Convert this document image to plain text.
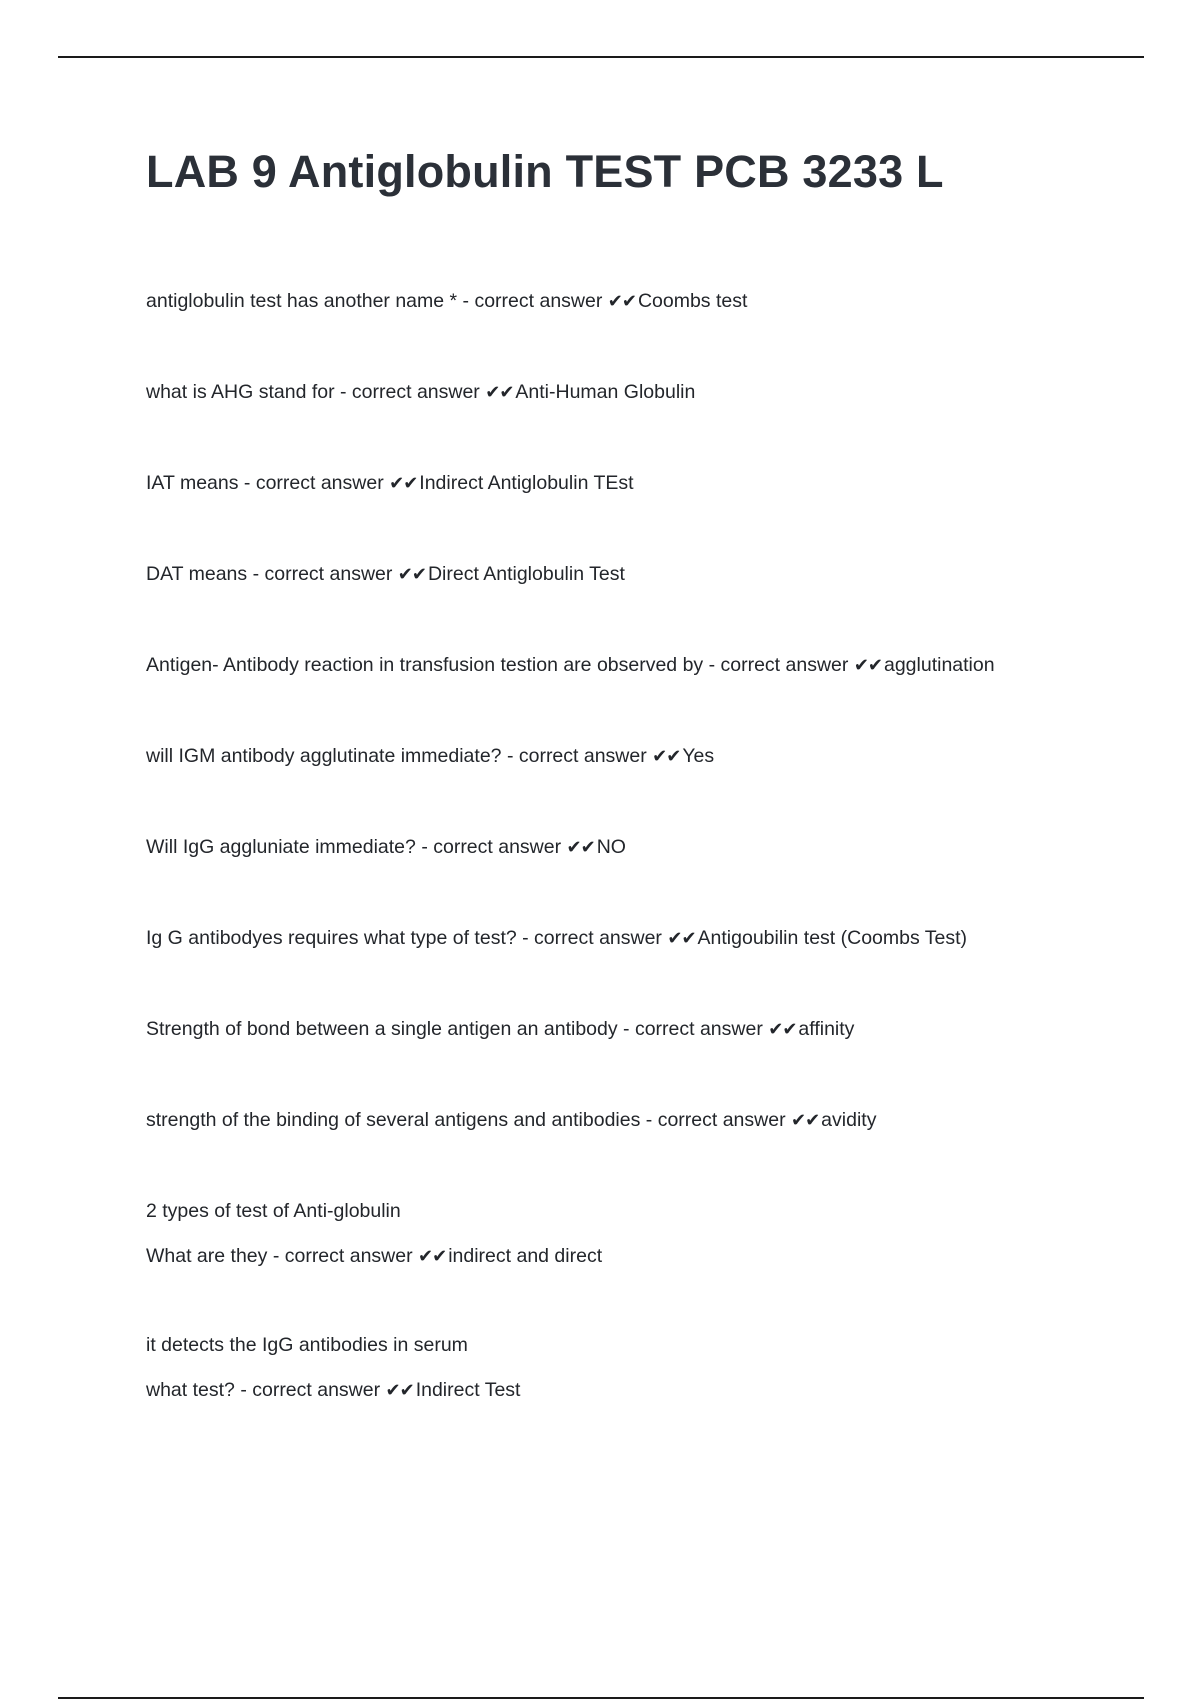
LAB 9 Antiglobulin TEST PCB 3233 L
antiglobulin test has another name * - correct answer ✔✔ Coombs test
what is AHG stand for - correct answer ✔✔ Anti-Human Globulin
IAT means - correct answer ✔✔ Indirect Antiglobulin TEst
DAT means - correct answer ✔✔ Direct Antiglobulin Test
Antigen- Antibody reaction in transfusion testion are observed by - correct answer ✔✔ agglutination
will IGM antibody agglutinate immediate? - correct answer ✔✔ Yes
Will IgG aggluniate immediate? - correct answer ✔✔ NO
Ig G antibodyes requires what type of test? - correct answer ✔✔ Antigoubilin test (Coombs Test)
Strength of bond between a single antigen an antibody - correct answer ✔✔ affinity
strength of the binding of several antigens and antibodies - correct answer ✔✔ avidity
2 types of test of Anti-globulin
What are they - correct answer ✔✔ indirect and direct
it detects the IgG antibodies in serum
what test? - correct answer ✔✔ Indirect Test
